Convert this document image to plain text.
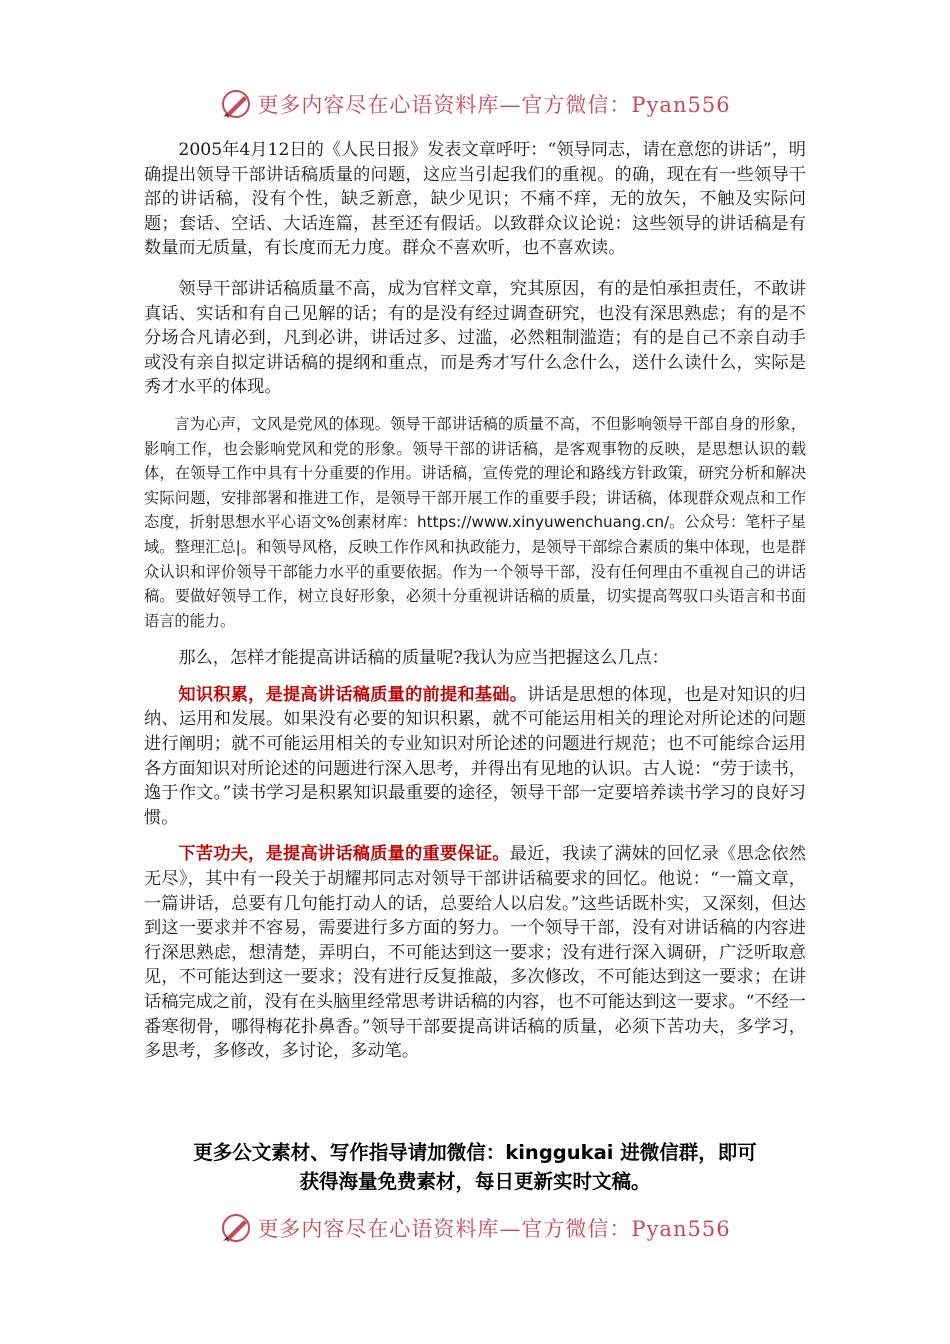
更多内容尽在心语资料库—官方微信：Pyan556

2005年4月12日的《人民日报》发表文章呼吁：“领导同志，请在意您的讲话”，明确提出领导干部讲话稿质量的问题，这应当引起我们的重视。的确，现在有一些领导干部的讲话稿，没有个性，缺乏新意，缺少见识；不痛不痒，无的放矢，不触及实际问题；套话、空话、大话连篇，甚至还有假话。以致群众议论说：这些领导的讲话稿是有数量而无质量，有长度而无力度。群众不喜欢听，也不喜欢读。

领导干部讲话稿质量不高，成为官样文章，究其原因，有的是怕承担责任，不敢讲真话、实话和有自己见解的话；有的是没有经过调查研究，也没有深思熟虑；有的是不分场合凡请必到，凡到必讲，讲话过多、过滥，必然粗制滥造；有的是自己不亲自动手或没有亲自拟定讲话稿的提纲和重点，而是秀才写什么念什么，送什么读什么，实际是秀才水平的体现。

言为心声，文风是党风的体现。领导干部讲话稿的质量不高，不但影响领导干部自身的形象，影响工作，也会影响党风和党的形象。领导干部的讲话稿，是客观事物的反映，是思想认识的载体，在领导工作中具有十分重要的作用。讲话稿，宣传党的理论和路线方针政策，研究分析和解决实际问题，安排部署和推进工作，是领导干部开展工作的重要手段；讲话稿，体现群众观点和工作态度，折射思想水平心语文%创素材库：https://www.xinyuwenchuang.cn/。公众号：笔杆子星域。整理汇总|。和领导风格，反映工作作风和执政能力，是领导干部综合素质的集中体现，也是群众认识和评价领导干部能力水平的重要依据。作为一个领导干部，没有任何理由不重视自己的讲话稿。要做好领导工作，树立良好形象，必须十分重视讲话稿的质量，切实提高驾驭口头语言和书面语言的能力。

那么，怎样才能提高讲话稿的质量呢?我认为应当把握这么几点：

知识积累，是提高讲话稿质量的前提和基础。讲话是思想的体现，也是对知识的归纳、运用和发展。如果没有必要的知识积累，就不可能运用相关的理论对所论述的问题进行阐明；就不可能运用相关的专业知识对所论述的问题进行规范；也不可能综合运用各方面知识对所论述的问题进行深入思考，并得出有见地的认识。古人说：“劳于读书，逸于作文。”读书学习是积累知识最重要的途径，领导干部一定要培养读书学习的良好习惯。

下苦功夫，是提高讲话稿质量的重要保证。最近，我读了满妹的回忆录《思念依然无尽》，其中有一段关于胡耀邦同志对领导干部讲话稿要求的回忆。他说：“一篇文章，一篇讲话，总要有几句能打动人的话，总要给人以启发。”这些话既朴实，又深刻，但达到这一要求并不容易，需要进行多方面的努力。一个领导干部，没有对讲话稿的内容进行深思熟虑，想清楚，弄明白，不可能达到这一要求；没有进行深入调研，广泛听取意见，不可能达到这一要求；没有进行反复推敲，多次修改，不可能达到这一要求；在讲话稿完成之前，没有在头脑里经常思考讲话稿的内容，也不可能达到这一要求。“不经一番寒彻骨，哪得梅花扑鼻香。”领导干部要提高讲话稿的质量，必须下苦功夫，多学习，多思考，多修改，多讨论，多动笔。

更多公文素材、写作指导请加微信：kinggukai 进微信群，即可
获得海量免费素材，每日更新实时文稿。
更多内容尽在心语资料库—官方微信：Pyan556
